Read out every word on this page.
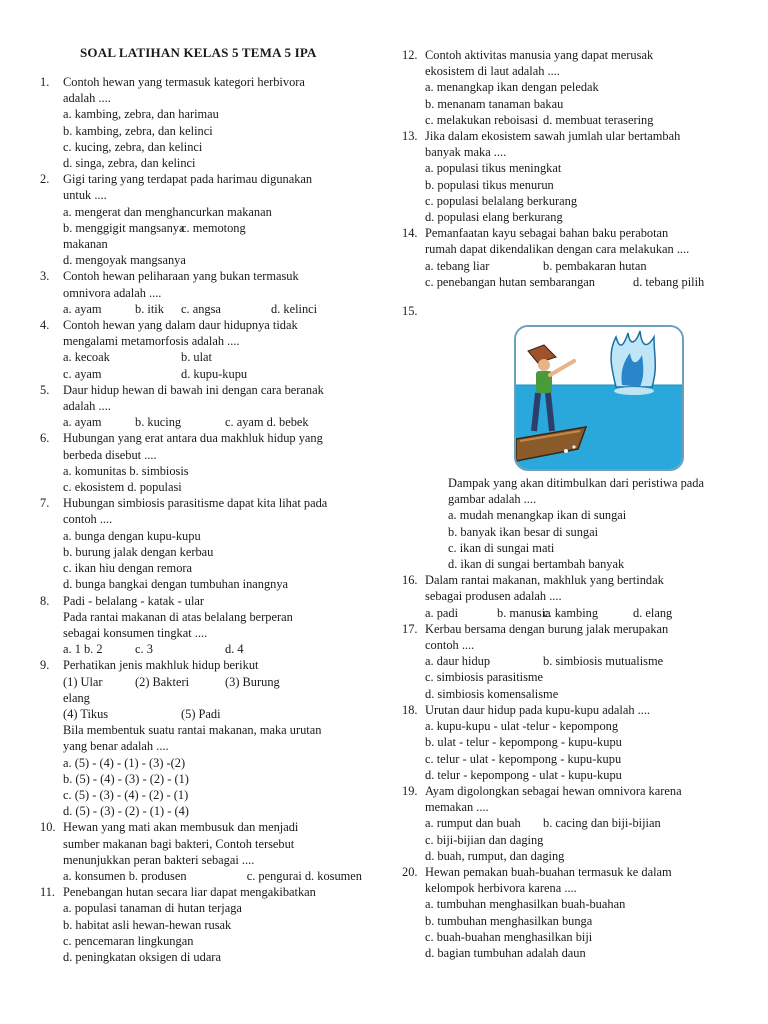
SOAL LATIHAN KELAS 5 TEMA 5 IPA
1. Contoh hewan yang termasuk kategori herbivora
adalah ....
a. kambing, zebra, dan harimau
b. kambing, zebra, dan kelinci
c. kucing, zebra, dan kelinci
d. singa, zebra, dan kelinci
2. Gigi taring yang terdapat pada harimau digunakan
untuk ....
a. mengerat dan menghancurkan makanan
b. menggigit mangsanya
c. memotong
makanan
d. mengoyak mangsanya
3. Contoh hewan peliharaan yang bukan termasuk
omnivora adalah ....
a. ayam	b. itik	c. angsa	d. kelinci
4. Contoh hewan yang dalam daur hidupnya tidak
mengalami metamorfosis adalah ....
a. kecoak	b. ulat
c. ayam	d. kupu-kupu
5. Daur hidup hewan di bawah ini dengan cara beranak
adalah ....
a. ayam	b. kucing	c. ayam d. bebek
6. Hubungan yang erat antara dua makhluk hidup yang
berbeda disebut ....
a. komunitas b. simbiosis
c. ekosistem d. populasi
7. Hubungan simbiosis parasitisme dapat kita lihat pada
contoh ....
a. bunga dengan kupu-kupu
b. burung jalak dengan kerbau
c. ikan hiu dengan remora
d. bunga bangkai dengan tumbuhan inangnya
8. Padi - belalang - katak - ular
Pada rantai makanan di atas belalang berperan
sebagai konsumen tingkat ....
a. 1 b. 2	c. 3	d. 4
9. Perhatikan jenis makhluk hidup berikut
(1) Ular	(2) Bakteri	(3) Burung
elang
(4) Tikus	(5) Padi
Bila membentuk suatu rantai makanan, maka urutan
yang benar adalah ....
a. (5) - (4) - (1) - (3) -(2)
b. (5) - (4) - (3) - (2) - (1)
c. (5) - (3) - (4) - (2) - (1)
d. (5) - (3) - (2) - (1) - (4)
10. Hewan yang mati akan membusuk dan menjadi
sumber makanan bagi bakteri, Contoh tersebut
menunjukkan peran bakteri sebagai ....
a. konsumen b. produsen	c. pengurai d. kosumen
11. Penebangan hutan secara liar dapat mengakibatkan
a. populasi tanaman di hutan terjaga
b. habitat asli hewan-hewan rusak
c. pencemaran lingkungan
d. peningkatan oksigen di udara
12. Contoh aktivitas manusia yang dapat merusak
ekosistem di laut adalah ....
a. menangkap ikan dengan peledak
b. menanam tanaman bakau
c. melakukan reboisasi d. membuat terasering
13. Jika dalam ekosistem sawah jumlah ular bertambah
banyak maka ....
a. populasi tikus meningkat
b. populasi tikus menurun
c. populasi belalang berkurang
d. populasi elang berkurang
14. Pemanfaatan kayu sebagai bahan baku perabotan
rumah dapat dikendalikan dengan cara melakukan ....
a. tebang liar	b. pembakaran hutan
c. penebangan hutan sembarangan	d. tebang pilih
15.
Dampak yang akan ditimbulkan dari peristiwa pada
gambar adalah ....
a. mudah menangkap ikan di sungai
b. banyak ikan besar di sungai
c. ikan di sungai mati
d. ikan di sungai bertambah banyak
16. Dalam rantai makanan, makhluk yang bertindak
sebagai produsen adalah ....
a. padi	b. manusia
c. kambing	d. elang
17. Kerbau bersama dengan burung jalak merupakan
contoh ....
a. daur hidup	b. simbiosis mutualisme
c. simbiosis parasitisme
d. simbiosis komensalisme
18. Urutan daur hidup pada kupu-kupu adalah ....
a. kupu-kupu - ulat -telur - kepompong
b. ulat - telur - kepompong - kupu-kupu
c. telur - ulat - kepompong - kupu-kupu
d. telur - kepompong - ulat - kupu-kupu
19. Ayam digolongkan sebagai hewan omnivora karena
memakan ....
a. rumput dan buah	b. cacing dan biji-bijian
c. biji-bijian dan daging
d. buah, rumput, dan daging
20. Hewan pemakan buah-buahan termasuk ke dalam
kelompok herbivora karena ....
a. tumbuhan menghasilkan buah-buahan
b. tumbuhan menghasilkan bunga
c. buah-buahan menghasilkan biji
d. bagian tumbuhan adalah daun
